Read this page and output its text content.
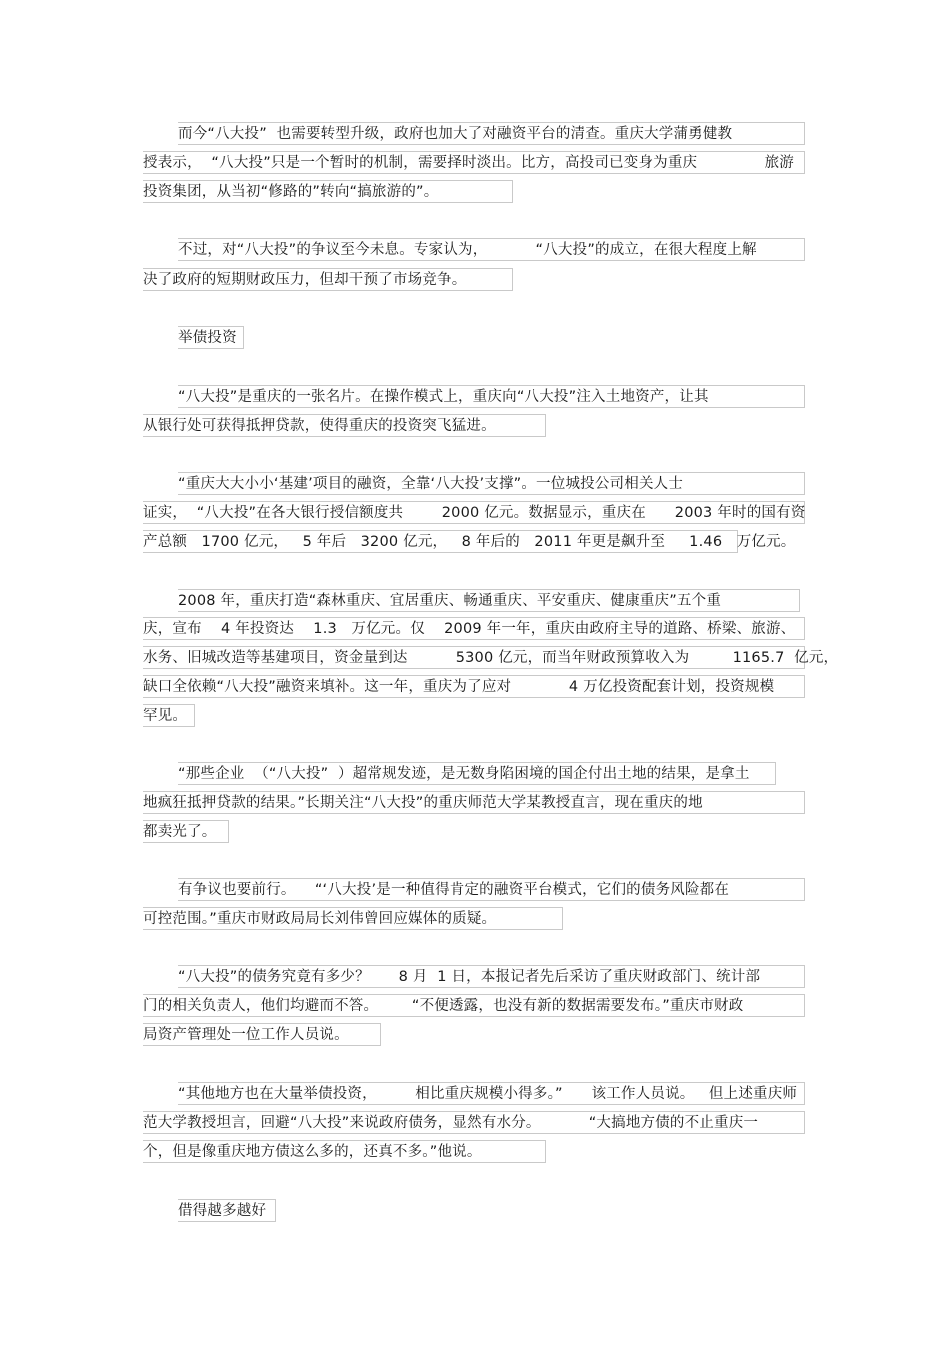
而今“八大投”  也需要转型升级，政府也加大了对融资平台的清查。重庆大学蒲勇健教
授表示，  “八大投”只是一个暂时的机制，需要择时淡出。比方，高投司已变身为重庆              旅游
投资集团，从当初“修路的”转向“搞旅游的”。
不过，对“八大投”的争议至今未息。专家认为，          “八大投”的成立，在很大程度上解
决了政府的短期财政压力，但却干预了市场竞争。
举债投资
“八大投”是重庆的一张名片。在操作模式上，重庆向“八大投”注入土地资产，让其
从银行处可获得抵押贷款，使得重庆的投资突飞猛进。
“重庆大大小小‘基建’项目的融资，全靠‘八大投’支撑”。一位城投公司相关人士
证实，  “八大投”在各大银行授信额度共        2000 亿元。数据显示，重庆在      2003 年时的国有资
产总额   1700 亿元，   5 年后   3200 亿元，   8 年后的   2011 年更是飙升至     1.46   万亿元。
2008 年，重庆打造“森林重庆、宜居重庆、畅通重庆、平安重庆、健康重庆”五个重
庆，宣布    4 年投资达    1.3   万亿元。仅    2009 年一年，重庆由政府主导的道路、桥梁、旅游、
水务、旧城改造等基建项目，资金量到达          5300 亿元，而当年财政预算收入为         1165.7  亿元，
缺口全依赖“八大投”融资来填补。这一年，重庆为了应对            4 万亿投资配套计划，投资规模
罕见。
“那些企业  （“八大投”  ）超常规发迹，是无数身陷困境的国企付出土地的结果，是拿土
地疯狂抵押贷款的结果。”长期关注“八大投”的重庆师范大学某教授直言，现在重庆的地
都卖光了。
有争议也要前行。    “‘八大投’是一种值得肯定的融资平台模式，它们的债务风险都在
可控范围。”重庆市财政局局长刘伟曾回应媒体的质疑。
“八大投”的债务究竟有多少？      8 月  1 日，本报记者先后采访了重庆财政部门、统计部
门的相关负责人，他们均避而不答。       “不便透露，也没有新的数据需要发布。”重庆市财政
局资产管理处一位工作人员说。
“其他地方也在大量举债投资，        相比重庆规模小得多。”      该工作人员说。   但上述重庆师
范大学教授坦言，回避“八大投”来说政府债务，显然有水分。          “大搞地方债的不止重庆一
个，但是像重庆地方债这么多的，还真不多。”他说。
借得越多越好
